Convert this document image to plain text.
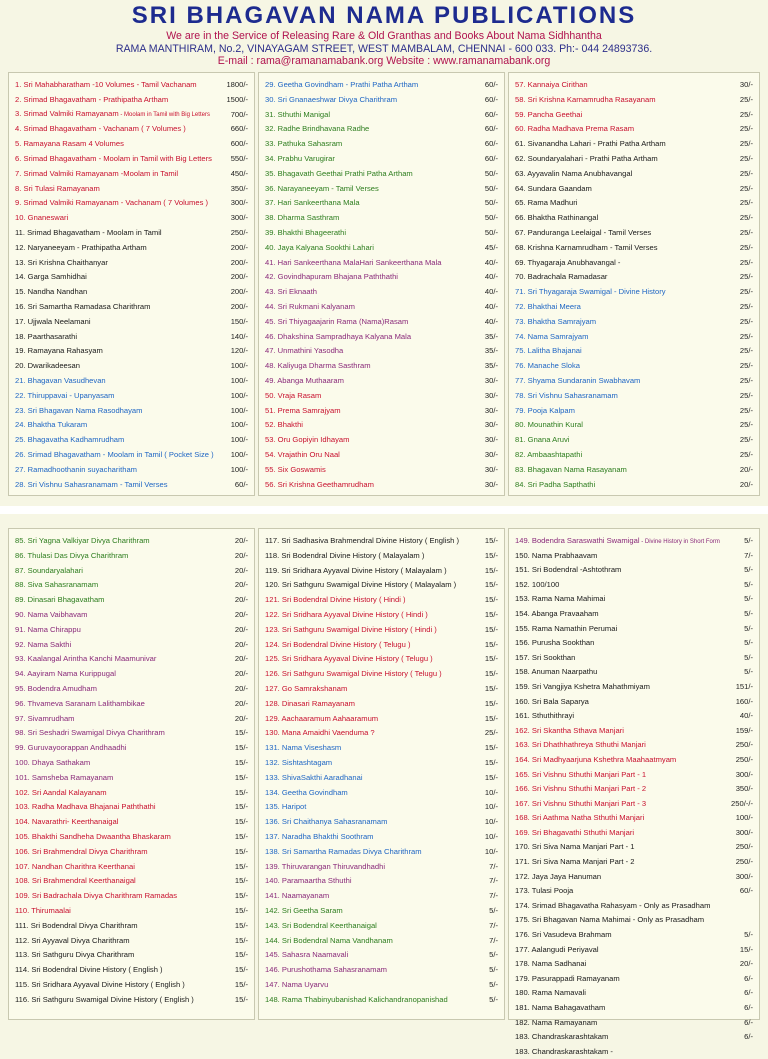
SRI BHAGAVAN NAMA PUBLICATIONS
We are in the Service of Releasing Rare & Old Granthas and Books About Nama Sidhhantha
RAMA MANTHIRAM, No.2, VINAYAGAM STREET, WEST MAMBALAM, CHENNAI - 600 033. Ph:- 044 24893736.
E-mail : rama@ramanamabank.org Website : www.ramanamabank.org
1. Sri Mahabharatham -10 Volumes - Tamil Vachanam	1800/-
2. Srimad Bhagavatham - Prathipatha Artham	1500/-
3. Srimad Valmiki Ramayanam - Moolam in Tamil with Big Letters	700/-
4. Srimad Bhagavatham - Vachanam ( 7 Volumes )	660/-
5. Ramayana Rasam 4 Volumes	600/-
6. Srimad Bhagavatham - Moolam in Tamil with Big Letters	550/-
7. Srimad Valmiki Ramayanam -Moolam in Tamil	450/-
8. Sri Tulasi Ramayanam	350/-
9. Srimad Valmiki Ramayanam - Vachanam ( 7 Volumes )	300/-
10. Gnaneswari	300/-
11. Srimad Bhagavatham - Moolam in Tamil	250/-
12. Naryaneeyam - Prathipatha Artham	200/-
13. Sri Krishna Chaithanyar	200/-
14. Garga Samhidhai	200/-
15. Nandha Nandhan	200/-
16. Sri Samartha Ramadasa Charithram	200/-
17. Ujjwala Neelamani	150/-
18. Paarthasarathi	140/-
19. Ramayana Rahasyam	120/-
20. Dwarikadeesan	100/-
21. Bhagavan Vasudhevan	100/-
22. Thiruppavai - Upanyasam	100/-
23. Sri Bhagavan Nama Rasodhayam	100/-
24. Bhaktha Tukaram	100/-
25. Bhagavatha Kadhamrudham	100/-
26. Srimad Bhagavatham - Moolam in Tamil ( Pocket Size )	100/-
27. Ramadhoothanin suyacharitham	100/-
28. Sri Vishnu Sahasranamam - Tamil Verses	60/-
29. Geetha Govindham - Prathi Patha Artham	60/-
30. Sri Gnanaeshwar Divya Charithram	60/-
31. Sthuthi Manigal	60/-
32. Radhe Brindhavana Radhe	60/-
33. Pathuka Sahasram	60/-
34. Prabhu Varugirar	60/-
35. Bhagavath Geethai Prathi Patha Artham	50/-
36. Narayaneeyam - Tamil Verses	50/-
37. Hari Sankeerthana Mala	50/-
38. Dharma Sasthram	50/-
39. Bhakthi Bhageerathi	50/-
40. Jaya Kalyana Sookthi Lahari	45/-
41. Hari Sankeerthana MalaHari Sankeerthana Mala	40/-
42. Govindhapuram Bhajana Paththathi	40/-
43. Sri Eknaath	40/-
44. Sri Rukmani Kalyanam	40/-
45. Sri Thiyagaajarin Rama (Nama)Rasam	40/-
46. Dhakshina Sampradhaya Kalyana Mala	35/-
47. Unmathini Yasodha	35/-
48. Kaliyuga Dharma Sasthram	35/-
49. Abanga Muthaaram	30/-
50. Vraja Rasam	30/-
51. Prema Samrajyam	30/-
52. Bhakthi	30/-
53. Oru Gopiyin Idhayam	30/-
54. Vrajathin Oru Naal	30/-
55. Six Goswamis	30/-
56. Sri Krishna Geethamrudham	30/-
57. Kannaiya Cirithan	30/-
58. Sri Krishna Karnamrudha Rasayanam	25/-
59. Pancha Geethai	25/-
60. Radha Madhava Prema Rasam	25/-
61. Sivanandha Lahari - Prathi Patha Artham	25/-
62. Soundaryalahari - Prathi Patha Artham	25/-
63. Ayyavalin Nama Anubhavangal	25/-
64. Sundara Gaandam	25/-
65. Rama Madhuri	25/-
66. Bhaktha Rathinangal	25/-
67. Panduranga Leelaigal - Tamil Verses	25/-
68. Krishna Karnamrudham - Tamil Verses	25/-
69. Thyagaraja Anubhavangal -	25/-
70. Badrachala Ramadasar	25/-
71. Sri Thyagaraja Swamigal - Divine History	25/-
72. Bhakthai Meera	25/-
73. Bhaktha Samrajyam	25/-
74. Nama Samrajyam	25/-
75. Lalitha Bhajanai	25/-
76. Manache Sloka	25/-
77. Shyama Sundaranin Swabhavam	25/-
78. Sri Vishnu Sahasranamam	25/-
79. Pooja Kalpam	25/-
80. Mounathin Kural	25/-
81. Gnana Aruvi	25/-
82. Ambaashtapathi	25/-
83. Bhagavan Nama Rasayanam	20/-
84. Sri Padha Sapthathi	20/-
85. Sri Yagna Valkiyar Divya Charithram	20/-
86. Thulasi Das Divya Charithram	20/-
87. Soundaryalahari	20/-
88. Siva Sahasranamam	20/-
89. Dinasari Bhagavatham	20/-
90. Nama Vaibhavam	20/-
91. Nama Chirappu	20/-
92. Nama Sakthi	20/-
93. Kaalangal Arintha Kanchi Maamunivar	20/-
94. Aayiram Nama Kurippugal	20/-
95. Bodendra Amudham	20/-
96. Thvameva Saranam Lalithambikae	20/-
97. Sivamrudham	20/-
98. Sri Seshadri Swamigal Divya Charithram	15/-
99. Guruvayoorappan Andhaadhi	15/-
100. Dhaya Sathakam	15/-
101. Samsheba Ramayanam	15/-
102. Sri Aandal Kalayanam	15/-
103. Radha Madhava Bhajanai Paththathi	15/-
104. Navarathri- Keerthanaigal	15/-
105. Bhakthi Sandheha Dwaantha Bhaskaram	15/-
106. Sri Brahmendral Divya Charithram	15/-
107. Nandhan Charithra Keerthanai	15/-
108. Sri Brahmendral Keerthanaigal	15/-
109. Sri Badrachala Divya Charithram Ramadas	15/-
110. Thirumaalai	15/-
111. Sri Bodendral Divya Charithram	15/-
112. Sri Ayyaval Divya Charithram	15/-
113. Sri Sathguru Divya Charithram	15/-
114. Sri Bodendral Divine History ( English )	15/-
115. Sri Sridhara Ayyaval Divine History ( English )	15/-
116. Sri Sathguru Swamigal Divine History ( English )	15/-
117. Sri Sadhasiva Brahmendral Divine History ( English )	15/-
118. Sri Bodendral Divine History ( Malayalam )	15/-
119. Sri Sridhara Ayyaval Divine History ( Malayalam )	15/-
120. Sri Sathguru Swamigal Divine History ( Malayalam )	15/-
121. Sri Bodendral Divine History ( Hindi )	15/-
122. Sri Sridhara Ayyaval Divine History ( Hindi )	15/-
123. Sri Sathguru Swamigal Divine History ( Hindi )	15/-
124. Sri Bodendral Divine History ( Telugu )	15/-
125. Sri Sridhara Ayyaval Divine History ( Telugu )	15/-
126. Sri Sathguru Swamigal Divine History ( Telugu )	15/-
127. Go Samrakshanam	15/-
128. Dinasari Ramayanam	15/-
129. Aachaaramum Aahaaramum	15/-
130. Mana Amaidhi Vaenduma ?	25/-
131. Nama Viseshasm	15/-
132. Sishtashtagam	15/-
133. ShivaSakthi Aaradhanai	15/-
134. Geetha Govindham	10/-
135. Haripot	10/-
136. Sri Chaithanya Sahasranamam	10/-
137. Naradha Bhakthi Soothram	10/-
138. Sri Samartha Ramadas Divya Charithram	10/-
139. Thiruvarangan Thiruvandhadhi	7/-
140. Paramaartha Sthuthi	7/-
141. Naamayanam	7/-
142. Sri Geetha Saram	5/-
143. Sri Bodendral Keerthanaigal	7/-
144. Sri Bodendral Nama Vandhanam	7/-
145. Sahasra Naamavali	5/-
146. Purushothama Sahasranamam	5/-
147. Nama Uyarvu	5/-
148. Rama Thabinyubanishad Kalichandranopanishad	5/-
149. Bodendra Saraswathi Swamigal - Divine History in Short Form	5/-
150. Nama Prabhaavam	7/-
151. Sri Bodendral -Ashtothram	5/-
152. 100/100	5/-
153. Rama Nama Mahimai	5/-
154. Abanga Pravaaham	5/-
155. Rama Namathin Perumai	5/-
156. Purusha Sookthan	5/-
157. Sri Sookthan	5/-
158. Anuman Naarpathu	5/-
159. Sri Vangjiya Kshetra Mahathmiyam	151/-
160. Sri Bala Saparya	160/-
161. Sthuthithrayi	40/-
162. Sri Skantha Sthava Manjari	159/-
163. Sri Dhathhathreya Sthuthi Manjari	250/-
164. Sri Madhyaarjuna Kshethra Maahaatmyam	250/-
165. Sri Vishnu Sthuthi Manjari Part - 1	300/-
166. Sri Vishnu Sthuthi Manjari Part - 2	350/-
167. Sri Vishnu Sthuthi Manjari Part - 3	250/-/-
168. Sri Aathma Natha Sthuthi Manjari	100/-
169. Sri Bhagavathi Sthuthi Manjari	300/-
170. Sri Siva Nama Manjari Part - 1	250/-
171. Sri Siva Nama Manjari Part - 2	250/-
172. Jaya Jaya Hanuman	300/-
173. Tulasi Pooja	60/-
174. Srimad Bhagavatha Rahasyam - Only as Prasadham
175. Sri Bhagavan Nama Mahimai - Only as Prasadham
176. Sri Vasudeva Brahmam	5/-
177. Aalangudi Periyaval	15/-
178. Nama Sadhanai	20/-
179. Pasurappadi Ramayanam	6/-
180. Rama Namavali	6/-
181. Nama Bahagavatham	6/-
182. Nama Ramayanam	6/-
183. Chandraskarashtakam	6/-
183. Chandraskarashtakam -
